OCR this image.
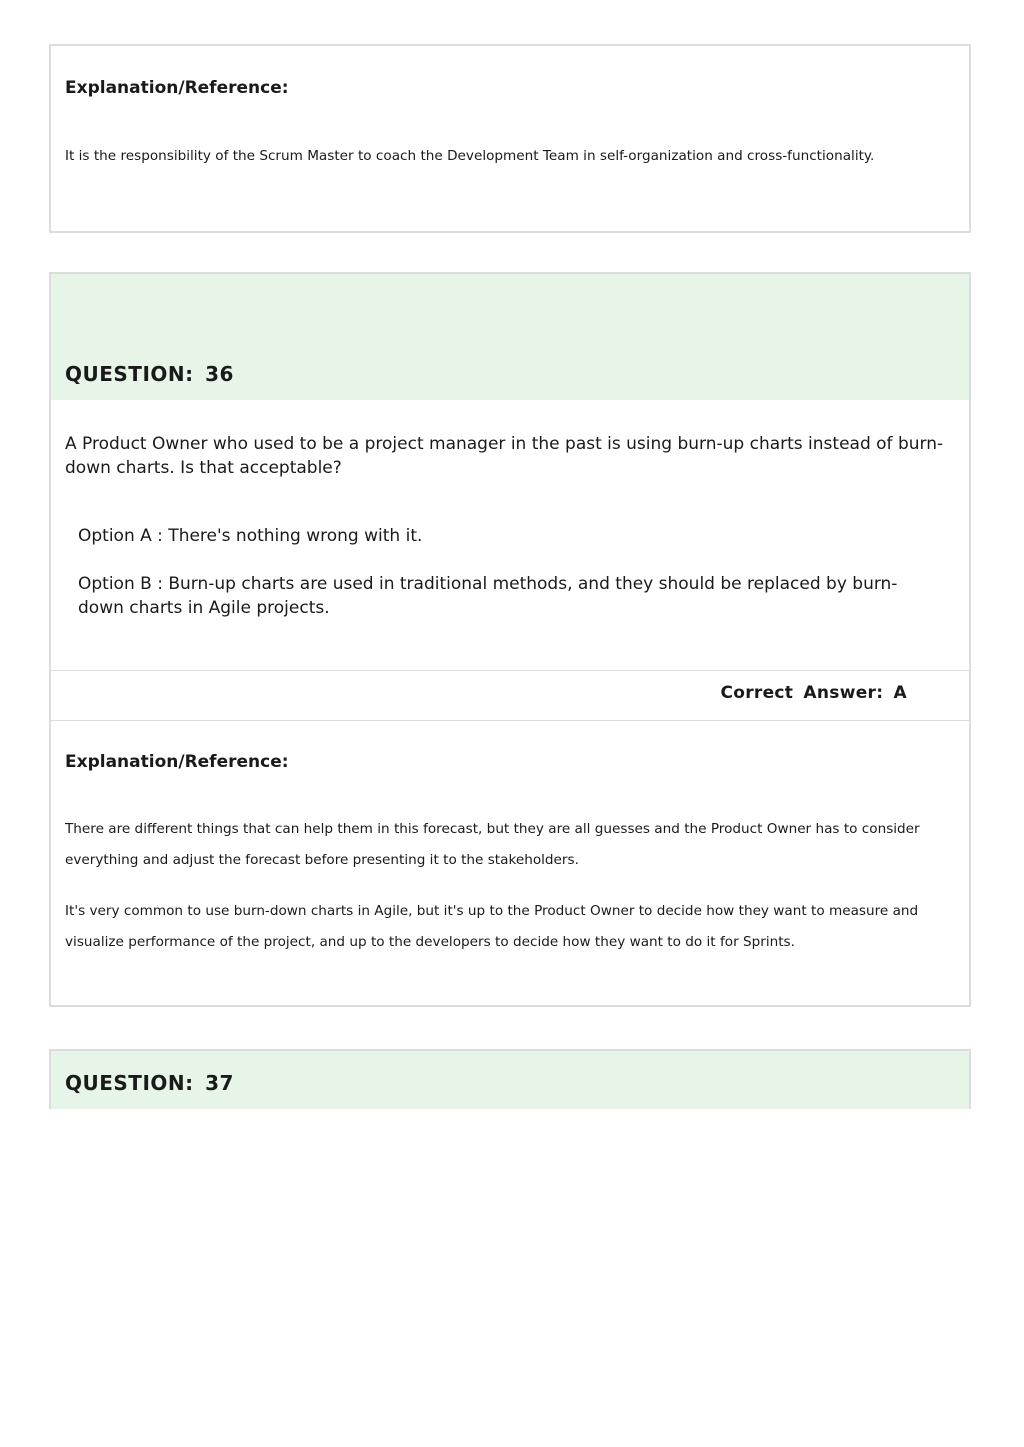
Explanation/Reference:

It is the responsibility of the Scrum Master to coach the Development Team in self-organization and cross-functionality.

QUESTION: 36

A Product Owner who used to be a project manager in the past is using burn-up charts instead of burn-down charts. Is that acceptable?

Option A : There's nothing wrong with it.

Option B : Burn-up charts are used in traditional methods, and they should be replaced by burn-down charts in Agile projects.

Correct Answer: A

Explanation/Reference:

There are different things that can help them in this forecast, but they are all guesses and the Product Owner has to consider everything and adjust the forecast before presenting it to the stakeholders.

It's very common to use burn-down charts in Agile, but it's up to the Product Owner to decide how they want to measure and visualize performance of the project, and up to the developers to decide how they want to do it for Sprints.

QUESTION: 37
